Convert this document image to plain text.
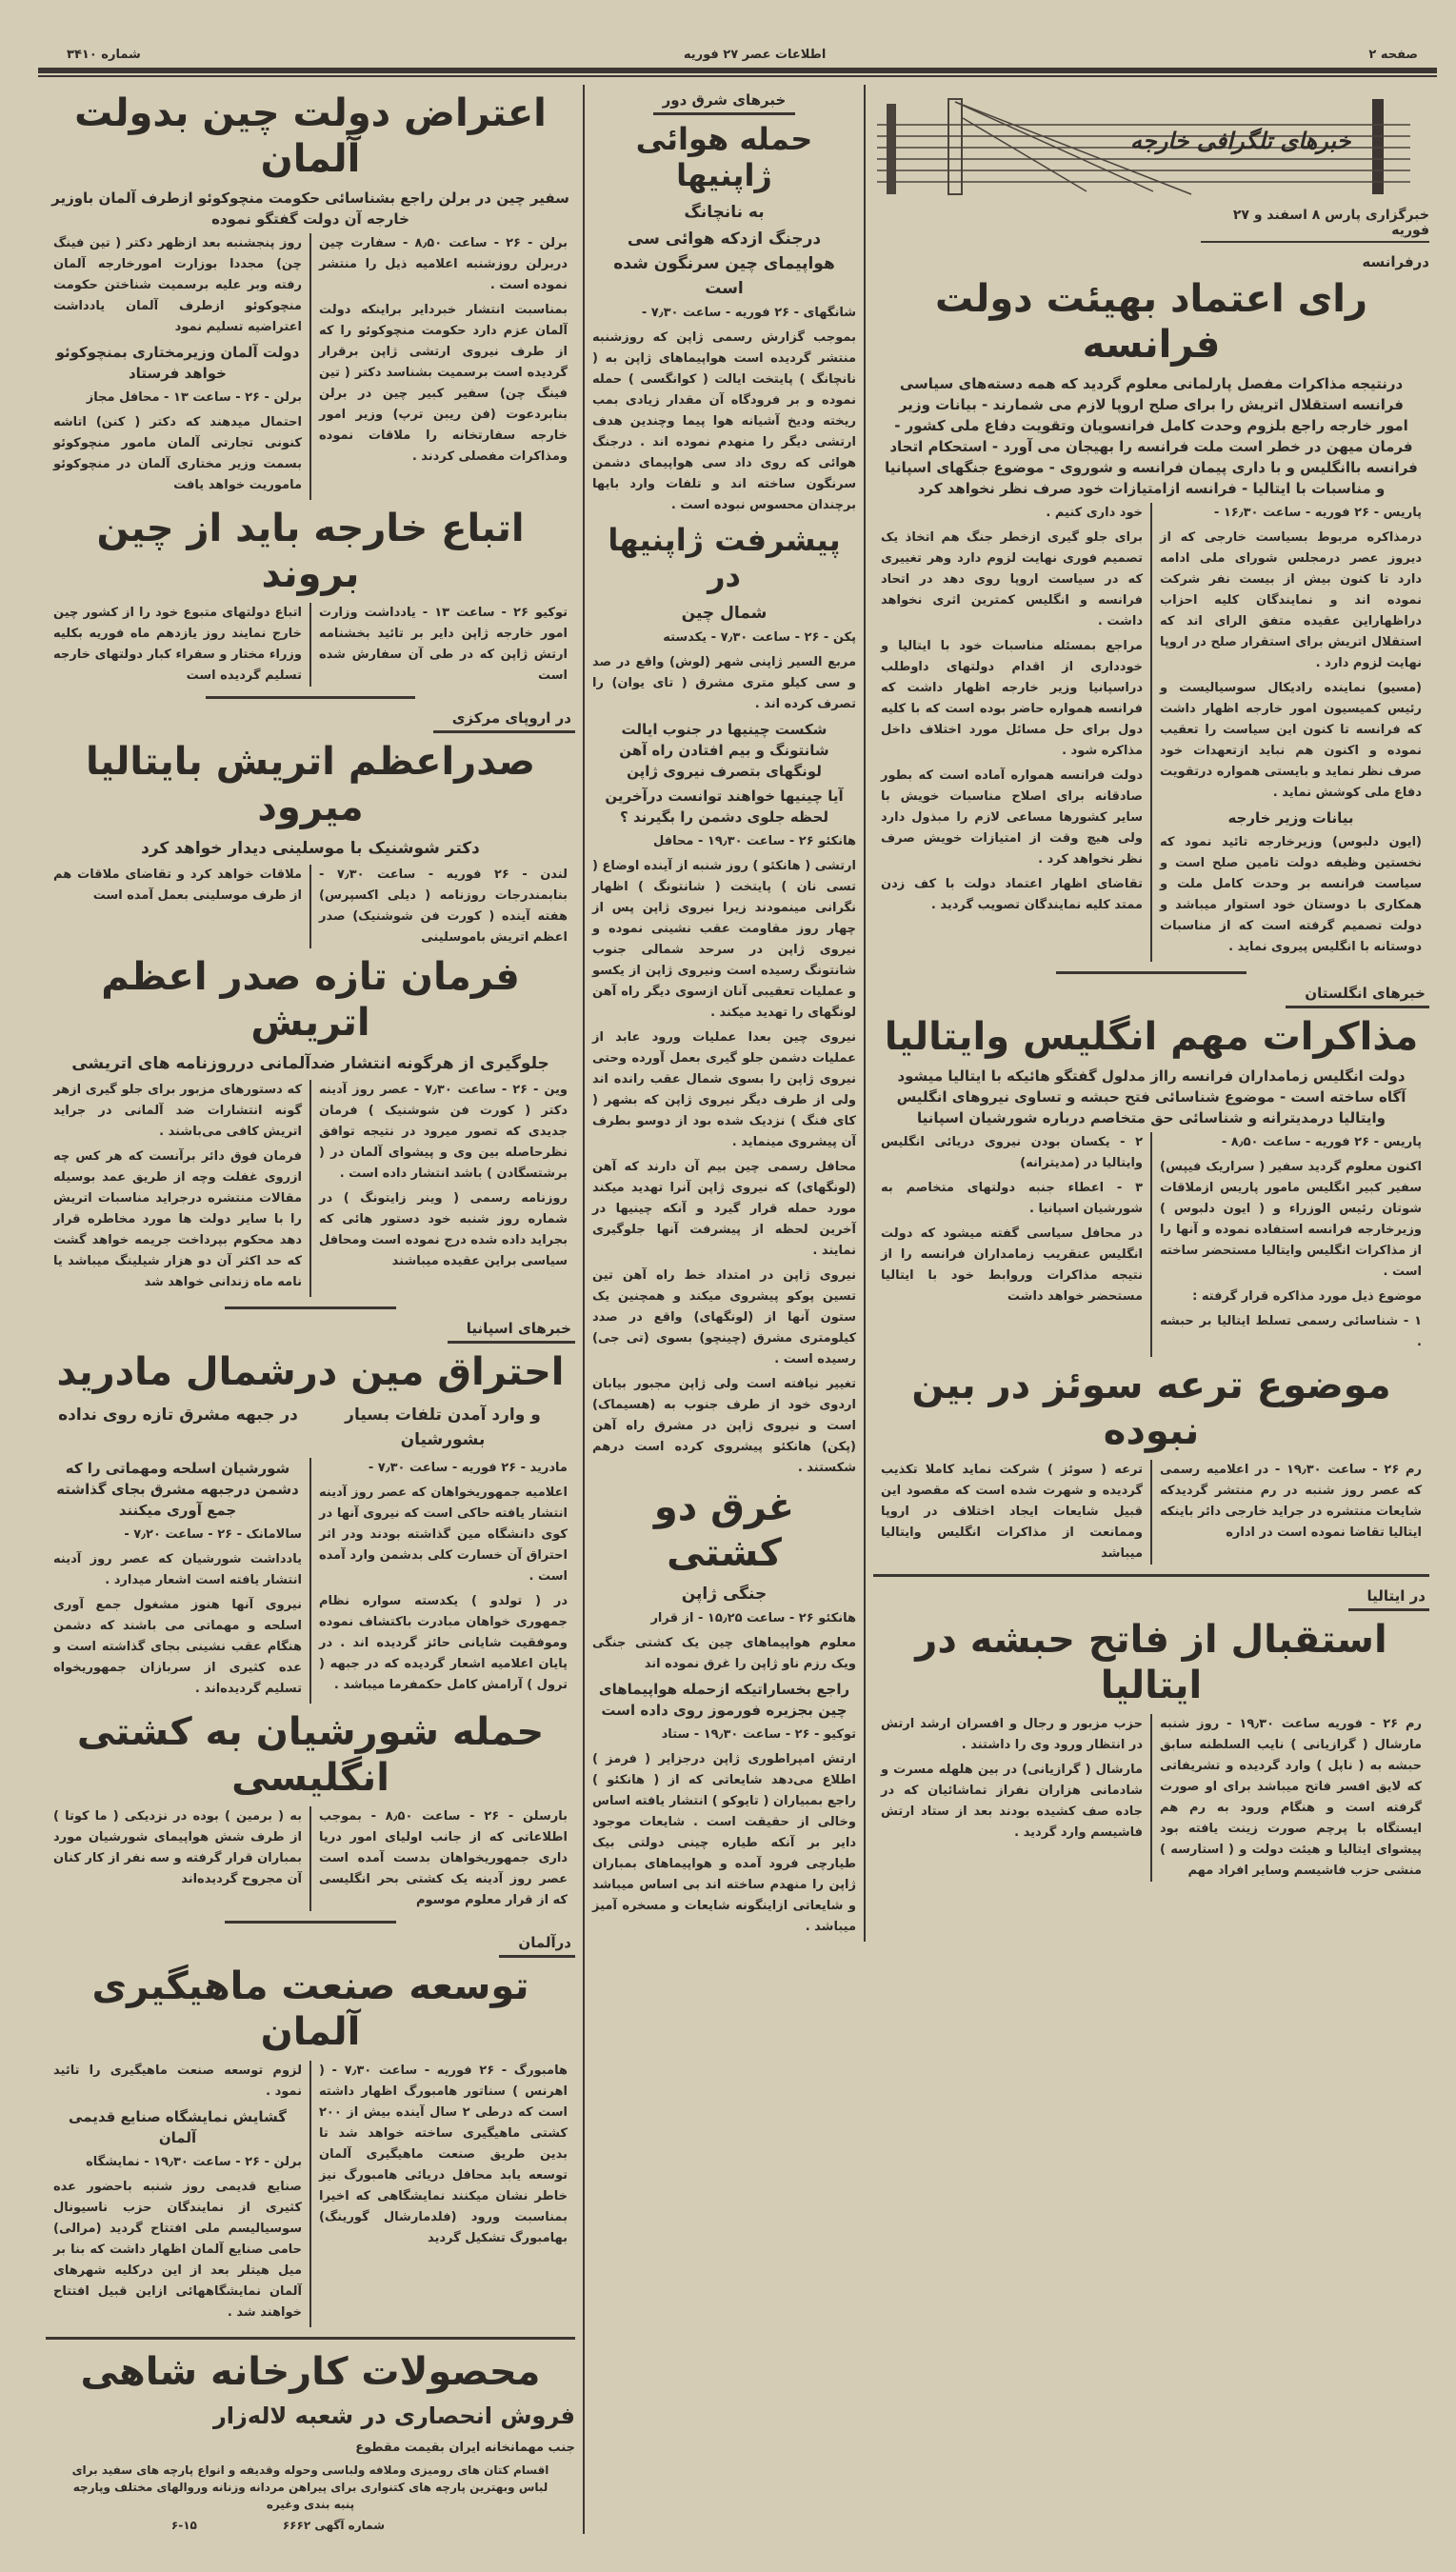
صفحه ۲
اطلاعات عصر ۲۷ فوریه
شماره ۳۴۱۰
خبرهای تلگرافی خارجه
خبرگزاری پارس ۸ اسفند و ۲۷ فوریه
درفرانسه
رای اعتماد بهیئت دولت فرانسه
درنتیجه مذاکرات مفصل پارلمانی معلوم گردید که همه دسته‌های سیاسی فرانسه استقلال اتریش را برای صلح اروپا لازم می شمارند - بیانات وزیر امور خارجه راجع بلزوم وحدت کامل فرانسویان وتقویت دفاع ملی کشور - فرمان میهن در خطر است ملت فرانسه را بهیجان می آورد - استحکام اتحاد فرانسه باانگلیس و با داری پیمان فرانسه و شوروی - موضوع جنگهای اسپانیا و مناسبات با ایتالیا - فرانسه ازامتیازات خود صرف نظر نخواهد کرد

پاریس - ۲۶ فوریه - ساعت ۱۶٫۳۰ -

درمذاکره مربوط بسیاست خارجی که از دیروز عصر درمجلس شورای ملی ادامه دارد تا کنون بیش از بیست نفر شرکت نموده اند و نمایندگان کلیه احزاب دراظهاراین عقیده متفق الرای اند که استقلال اتریش برای استقرار صلح در اروپا نهایت لزوم دارد .

(مسیو) نماینده رادیکال سوسیالیست و رئیس کمیسیون امور خارجه اظهار داشت که فرانسه تا کنون این سیاست را تعقیب نموده و اکنون هم نباید ازتعهدات خود صرف نظر نماید و بایستی همواره درتقویت دفاع ملی کوشش نماید .

بیانات وزیر خارجه

(ایون دلبوس) وزیرخارجه تائید نمود که نخستین وظیفه دولت تامین صلح است و سیاست فرانسه بر وحدت کامل ملت و همکاری با دوستان خود استوار میباشد و دولت تصمیم گرفته است که از مناسبات دوستانه با انگلیس پیروی نماید .

خود داری کنیم .

برای جلو گیری ازخطر جنگ هم اتخاذ یک تصمیم فوری نهایت لزوم دارد وهر تغییری که در سیاست اروپا روی دهد در اتحاد فرانسه و انگلیس کمترین اثری نخواهد داشت .

مراجع بمسئله مناسبات خود با ایتالیا و خودداری از اقدام دولتهای داوطلب دراسپانیا وزیر خارجه اظهار داشت که فرانسه همواره حاضر بوده است که با کلیه دول برای حل مسائل مورد اختلاف داخل مذاکره شود .

دولت فرانسه همواره آماده است که بطور صادقانه برای اصلاح مناسبات خویش با سایر کشورها مساعی لازم را مبذول دارد ولی هیچ وقت از امتیازات خویش صرف نظر نخواهد کرد .

تقاضای اظهار اعتماد دولت با کف زدن ممتد کلیه نمایندگان تصویب گردید .

خبرهای انگلستان
مذاکرات مهم انگلیس وایتالیا
دولت انگلیس زمامداران فرانسه رااز مدلول گفتگو هائیکه با ایتالیا میشود آگاه ساخته است - موضوع شناسائی فتح حبشه و تساوی نیروهای انگلیس وایتالیا درمدیترانه و شناسائی حق متخاصم درباره شورشیان اسپانیا

پاریس - ۲۶ فوریه - ساعت ۸٫۵۰ -

اکنون معلوم گردید سفیر ( سراریک فیپس) سفیر کبیر انگلیس مامور پاریس ازملاقات شوتان رئیس الوزراء و ( ایون دلبوس ) وزیرخارجه فرانسه استفاده نموده و آنها را از مذاکرات انگلیس وایتالیا مستحضر ساخته است .

موضوع ذیل مورد مذاکره قرار گرفته :

۱ - شناسائی رسمی تسلط ایتالیا بر حبشه .

۲ - یکسان بودن نیروی دریائی انگلیس وایتالیا در (مدیترانه)

۳ - اعطاء جنبه دولتهای متخاصم به شورشیان اسپانیا .

در محافل سیاسی گفته میشود که دولت انگلیس عنقریب زمامداران فرانسه را از نتیجه مذاکرات وروابط خود با ایتالیا مستحضر خواهد داشت

موضوع ترعه سوئز در بین نبوده
رم ۲۶ - ساعت ۱۹٫۳۰ - در اعلامیه رسمی که عصر روز شنبه در رم منتشر گردیدکه شایعات منتشره در جراید خارجی دائر باینکه ایتالیا تقاضا نموده است در اداره
ترعه ( سوئز ) شرکت نماید کاملا تکذیب گردیده و شهرت شده است که مقصود این قبیل شایعات ایجاد اختلاف در اروپا وممانعت از مذاکرات انگلیس وایتالیا میباشد
در ایتالیا
استقبال از فاتح حبشه در ایتالیا
رم ۲۶ - فوریه ساعت ۱۹٫۳۰ - روز شنبه مارشال ( گرازیانی ) نایب السلطنه سابق حبشه به ( ناپل ) وارد گردیده و تشریفاتی که لایق افسر فاتح میباشد برای او صورت گرفته است و هنگام ورود به رم هم ایستگاه با پرچم صورت زینت یافته بود پیشوای ایتالیا و هیئت دولت و ( استارسه ) منشی حزب فاشیسم وسایر افراد مهم

حزب مزبور و رجال و افسران ارشد ارتش در انتظار ورود وی را داشتند .

مارشال ( گرازیانی) در بین هلهله مسرت و شادمانی هزاران نفراز تماشائیان که در جاده صف کشیده بودند بعد از ستاد ارتش فاشیسم وارد گردید .

خبرهای شرق دور
حمله هوائی ژاپنیها
به نانچانگ
درجنگ ازدکه هوائی سی هواپیمای چین سرنگون شده است

شانگهای - ۲۶ فوریه - ساعت ۷٫۳۰ -

بموجب گزارش رسمی ژاپن که روزشنبه منتشر گردیده است هواپیماهای ژاپن به ( نانچانگ ) پایتخت ایالت ( کوانگسی ) حمله نموده و بر فرودگاه آن مقدار زیادی بمب ریخته ودیخ آشیانه هوا پیما وچندین هدف ارتشی دیگر را منهدم نموده اند . درجنگ هوائی که روی داد سی هواپیمای دشمن سرنگون ساخته اند و تلفات وارد بایها برچندان محسوس نبوده است .

پیشرفت ژاپنیها در
شمال چین

پکن - ۲۶ - ساعت ۷٫۳۰ - یکدسته

مربع السیر ژاپنی شهر (لوش) واقع در صد و سی کیلو متری مشرق ( تای یوان) را تصرف کرده اند .

شکست چینیها در جنوب ایالت شانتونگ و بیم افتادن راه آهن لونگهای بتصرف نیروی ژاپن

آیا چینیها خواهند توانست درآخرین لحظه جلوی دشمن را بگیرند ؟

هانکئو ۲۶ - ساعت ۱۹٫۳۰ - محافل

ارتشی ( هانکئو ) روز شنبه از آینده اوضاع ( تسی نان ) پایتخت ( شانتونگ ) اظهار نگرانی مینمودند زیرا نیروی ژاپن پس از چهار روز مقاومت عقب نشینی نموده و نیروی ژاپن در سرحد شمالی جنوب شانتونگ رسیده است ونیروی ژاپن از یکسو و عملیات تعقیبی آنان ازسوی دیگر راه آهن لونگهای را تهدید میکند .

نیروی چین بعدا عملیات ورود عابد از عملیات دشمن جلو گیری بعمل آورده وحتی نیروی ژاپن را بسوی شمال عقب رانده اند ولی از طرف دیگر نیروی ژاپن که بشهر ( کای فنگ ) نزدیک شده بود از دوسو بطرف آن پیشروی مینماید .

محافل رسمی چین بیم آن دارند که آهن (لونگهای) که نیروی ژاپن آنرا تهدید میکند مورد حمله قرار گیرد و آنکه چینیها در آخرین لحظه از پیشرفت آنها جلوگیری نمایند .

نیروی ژاپن در امتداد خط راه آهن تین تسین پوکو پیشروی میکند و همچنین یک ستون آنها از (لونگهای) واقع در صدد کیلومتری مشرق (چینچو) بسوی (تی جی) رسیده است .

تغییر نیافته است ولی ژاپن مجبور بیابان اردوی خود از طرف جنوب به (هسیماک) است و نیروی ژاپن در مشرق راه آهن (پکن) هانکئو پیشروی کرده است درهم شکستند .

غرق دو کشتی
جنگی ژاپن

هانکئو ۲۶ - ساعت ۱۵٫۲۵ - از قرار

معلوم هواپیماهای چین یک کشتی جنگی ویک رزم ناو ژاپن را غرق نموده اند

راجع بخساراتیکه ازحمله هواپیماهای چین بجزیره فورموز روی داده است

توکیو - ۲۶ - ساعت ۱۹٫۳۰ - ستاد

ارتش امپراطوری ژاپن درجزایر ( فرمز ) اطلاع می‌دهد شایعاتی که از ( هانکئو ) راجع بمبیاران ( تایوکو ) انتشار یافته اساس وخالی از حقیقت است . شایعات موجود دایر بر آنکه طیاره چینی دولتی بیک طیارچی فرود آمده و هواپیماهای بمباران ژاپن را منهدم ساخته اند بی اساس میباشد و شایعاتی ازاینگونه شایعات و مسخره آمیز میباشد .

اعتراض دولت چین بدولت آلمان
سفیر چین در برلن راجع بشناسائی حکومت منچوکوئو ازطرف آلمان باوزیر خارجه آن دولت گفتگو نموده

برلن - ۲۶ - ساعت ۸٫۵۰ - سفارت چین دربرلن روزشنبه اعلامیه ذیل را منتشر نموده است .

بمناسبت انتشار خبرداير براینکه دولت آلمان عزم دارد حکومت منچوکوئو را که از طرف نیروی ارتشی ژاپن برقرار گردیده است برسمیت بشناسد دکتر ( تین فینگ چن) سفیر کبیر چین در برلن بنابردعوت (فن ریبن ترپ) وزیر امور خارجه سفارتخانه را ملاقات نموده ومذاکرات مفصلی کردند .

روز پنجشنبه بعد ازظهر دکتر ( تین فینگ چن) مجددا بوزارت امورخارجه آلمان رفته وبر علیه برسمیت شناختن حکومت منچوکوئو ازطرف آلمان یادداشت اعتراضیه تسلیم نمود

دولت آلمان وزیرمختاری بمنچوکوئو خواهد فرستاد

برلن - ۲۶ - ساعت ۱۳ - محافل مجاز

احتمال میدهند که دکتر ( کنن) اتاشه کنونی تجارتی آلمان مامور منچوکوئو بسمت وزیر مختاری آلمان در منچوکوئو ماموریت خواهد یافت

اتباع خارجه باید از چین بروند
توکیو ۲۶ - ساعت ۱۳ - یادداشت وزارت امور خارجه ژاپن دایر بر تائید بخشنامه ارتش ژاپن که در طی آن سفارش شده است
اتباع دولتهای متبوع خود را از کشور چین خارج نمایند روز یازدهم ماه فوریه بکلیه وزراء مختار و سفراء کبار دولتهای خارجه تسلیم گردیده است
در اروپای مرکزی
صدراعظم اتریش بایتالیا میرود
دکتر شوشنیک با موسلینی دیدار خواهد کرد
لندن - ۲۶ فوریه - ساعت ۷٫۳۰ - بنابمندرجات روزنامه ( دیلی اکسپرس) هفته آینده ( کورت فن شوشنیک) صدر اعظم اتریش باموسلینی
ملاقات خواهد کرد و تقاضای ملاقات هم از طرف موسلینی بعمل آمده است
فرمان تازه صدر اعظم اتریش
جلوگیری از هرگونه انتشار ضدآلمانی درروزنامه های اتریشی

وین - ۲۶ - ساعت ۷٫۳۰ - عصر روز آدینه دکتر ( کورت فن شوشنیک ) فرمان جدیدی که تصور میرود در نتیجه توافق نظرحاصله بین وی و پیشوای آلمان در ( برشتسگادن ) باشد انتشار داده است .

روزنامه رسمی ( وینر زایتونگ ) در شماره روز شنبه خود دستور هائی که بجراید داده شده درج نموده است ومحافل سیاسی براین عقیده میباشند

که دستورهای مزبور برای جلو گیری ازهر گونه انتشارات ضد آلمانی در جراید اتریش کافی می‌باشند .

فرمان فوق دائر برآنست که هر کس چه ازروی غفلت وچه از طریق عمد بوسیله مقالات منتشره درجراید مناسبات اتریش را با سایر دولت ها مورد مخاطره قرار دهد محکوم بپرداخت جریمه خواهد گشت که حد اکثر آن دو هزار شیلینگ میباشد یا نامه ماه زندانی خواهد شد

خبرهای اسپانیا
احتراق مین درشمال مادرید
و وارد آمدن تلفات بسیار بشورشیان
در جبهه مشرق تازه روی نداده

مادرید - ۲۶ فوریه - ساعت ۷٫۳۰ -

اعلامیه جمهوریخواهان که عصر روز آدینه انتشار یافته حاکی است که نیروی آنها در کوی دانشگاه مین گذاشته بودند ودر اثر احتراق آن خسارت کلی بدشمن وارد آمده است .

در ( تولدو ) یکدسته سواره نظام جمهوری خواهان مبادرت باکتشاف نموده وموفقیت شایانی حائز گردیده اند . در پایان اعلامیه اشعار گردیده که در جبهه ( ترول ) آرامش کامل حکمفرما میباشد .

شورشیان اسلحه ومهماتی را که دشمن درجبهه مشرق بجای گذاشته جمع آوری میکنند

سالامانک - ۲۶ - ساعت ۷٫۲۰ -

یادداشت شورشیان که عصر روز آدینه انتشار یافته است اشعار میدارد .

نیروی آنها هنوز مشغول جمع آوری اسلحه و مهماتی می باشند که دشمن هنگام عقب نشینی بجای گذاشته است و عده کثیری از سربازان جمهوریخواه تسلیم گردیده‌اند .

حمله شورشیان به کشتی انگلیسی
بارسلن - ۲۶ - ساعت ۸٫۵۰ - بموجب اطلاعاتی که از جانب اولیای امور دریا داری جمهوریخواهان بدست آمده است عصر روز آدینه یک کشتی بحر انگلیسی که از قرار معلوم موسوم
به ( برمین ) بوده در نزدیکی ( ما کوتا ) از طرف شش هواپیمای شورشیان مورد بمباران قرار گرفته و سه نفر از کار کنان آن مجروح گردیده‌اند
درآلمان
توسعه صنعت ماهیگیری آلمان
هامبورگ - ۲۶ فوریه - ساعت ۷٫۳۰ - ( اهرنس ) سناتور هامبورگ اظهار داشته است که درطی ۲ سال آینده بیش از ۲۰۰ کشتی ماهیگیری ساخته خواهد شد تا بدین طریق صنعت ماهیگیری آلمان توسعه یابد محافل دریائی هامبورگ نیز خاطر نشان میکنند نمایشگاهی که اخیرا بمناسبت ورود (فلدمارشال گورینگ) بهامبورگ تشکیل گردید

لزوم توسعه صنعت ماهیگیری را تائید نمود .

گشایش نمایشگاه صنایع قدیمی آلمان

برلن - ۲۶ - ساعت ۱۹٫۳۰ - نمایشگاه

صنایع قدیمی روز شنبه باحضور عده کثیری از نمایندگان حزب ناسیونال سوسیالیسم ملی افتتاح گردید (مرالی) حامی صنایع آلمان اظهار داشت که بنا بر میل هیتلر بعد از این درکلیه شهرهای آلمان نمایشگاههائی ازاین قبیل افتتاح خواهند شد .

محصولات کارخانه شاهی
فروش انحصاری در شعبه لاله‌زار
جنب مهمانخانه ایران بقیمت مقطوع
اقسام کتان های رومیزی وملافه ولباسی وحوله وقدیفه و انواع پارچه های سفید برای لباس وبهترین پارچه های کتنواری برای پیراهن مردانه وزنانه وروالهای مختلف وپارچه پنبه بندی وغیره
شماره آگهی ۶۶۶۲
۶-۱۵
